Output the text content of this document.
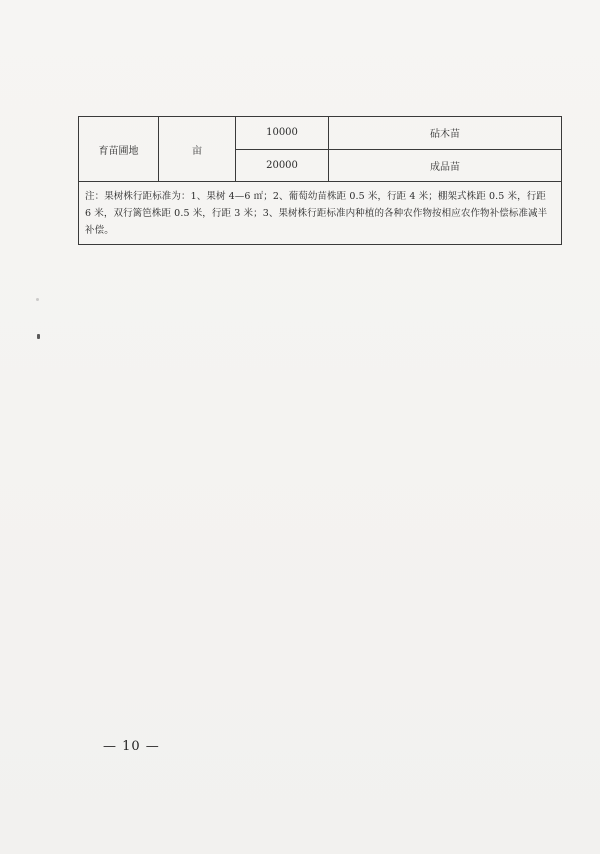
育苗圃地	亩	10000	砧木苗
		20000	成品苗
注：果树株行距标准为：1、果树 4—6 ㎡；2、葡萄幼苗株距 0.5 米，行距 4 米；棚架式株距 0.5 米，行距 6 米，双行篱笆株距 0.5 米，行距 3 米；3、果树株行距标准内种植的各种农作物按相应农作物补偿标准减半补偿。			
— 10 —
